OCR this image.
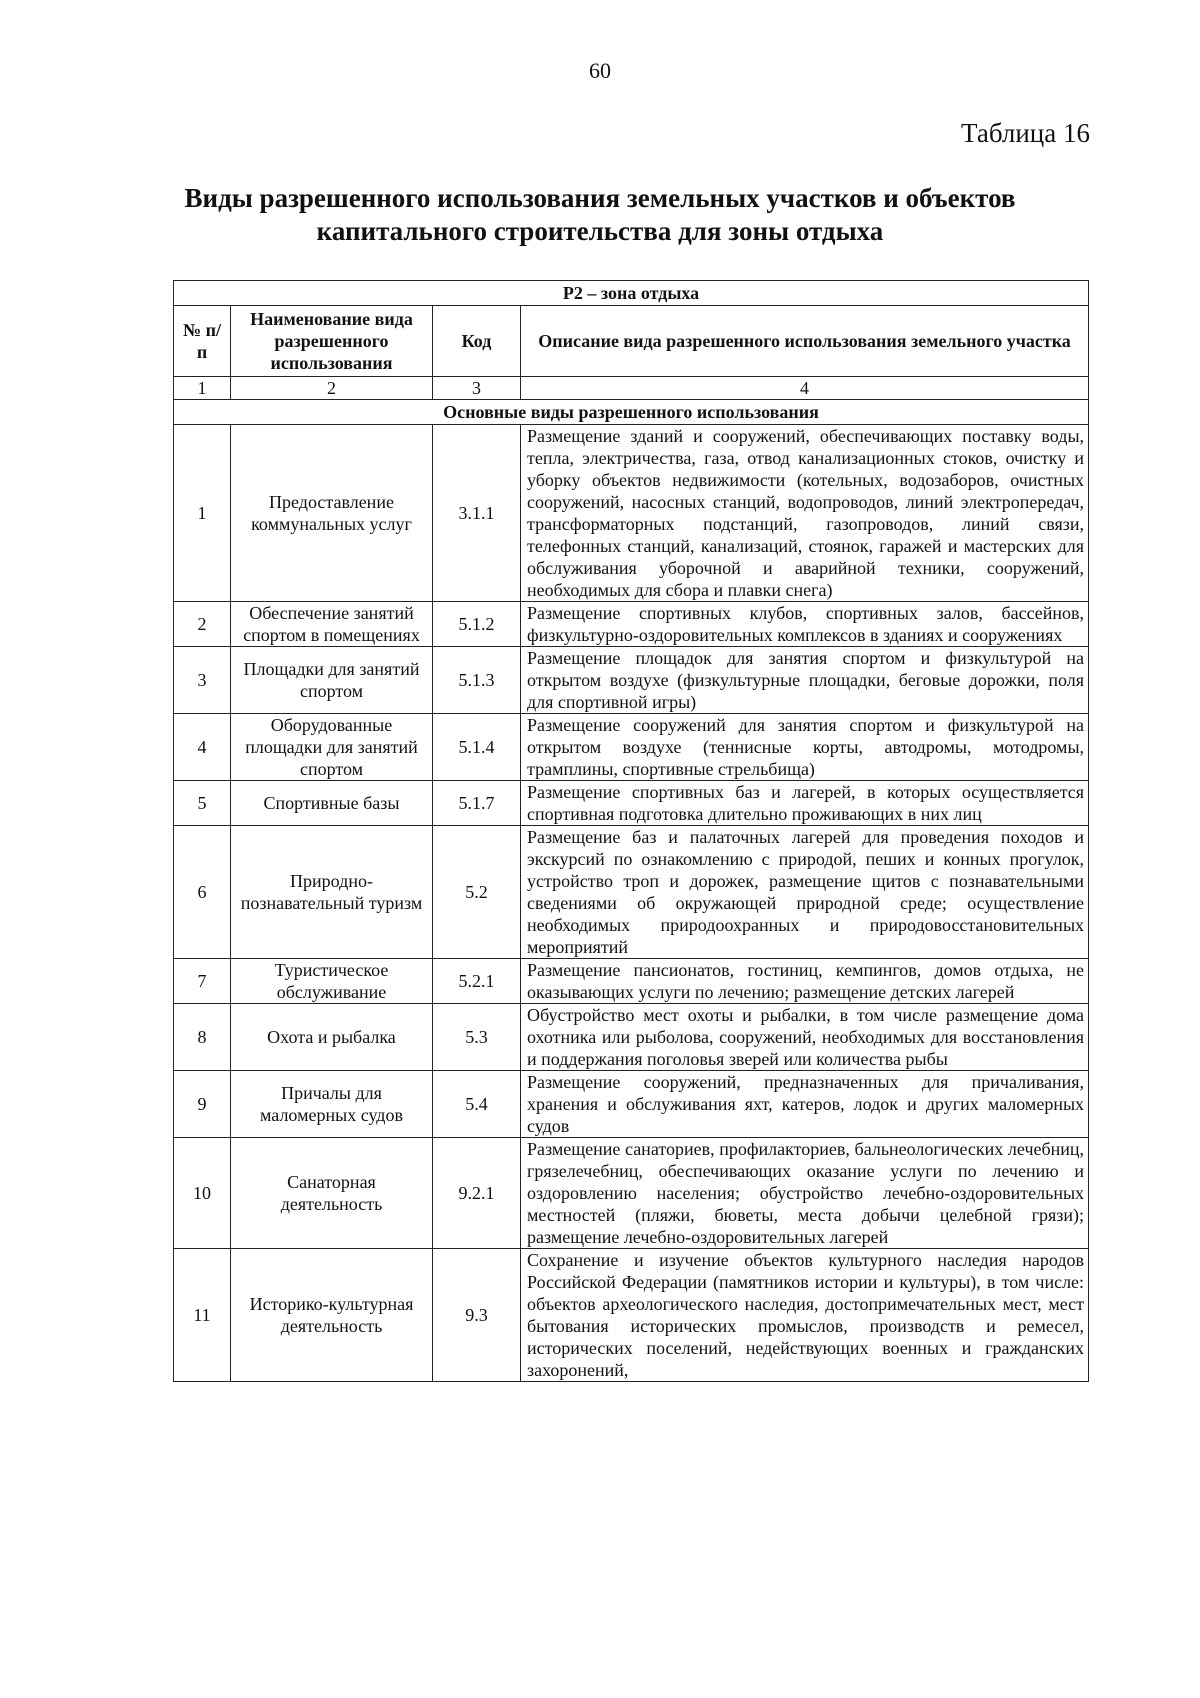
60
Таблица 16
Виды разрешенного использования земельных участков и объектов
капитального строительства для зоны отдыха
Р2 – зона отдыха			
№ п/п	Наименование вида разрешенного использования	Код	Описание вида разрешенного использования земельного участка
1	2	3	4
Основные виды разрешенного использования			
1	Предоставление коммунальных услуг	3.1.1	Размещение зданий и сооружений, обеспечивающих поставку воды, тепла, электричества, газа, отвод канализационных стоков, очистку и уборку объектов недвижимости (котельных, водозаборов, очистных сооружений, насосных станций, водопроводов, линий электропередач, трансформаторных подстанций, газопроводов, линий связи, телефонных станций, канализаций, стоянок, гаражей и мастерских для обслуживания уборочной и аварийной техники, сооружений, необходимых для сбора и плавки снега)
2	Обеспечение занятий спортом в помещениях	5.1.2	Размещение спортивных клубов, спортивных залов, бассейнов, физкультурно-оздоровительных комплексов в зданиях и сооружениях
3	Площадки для занятий спортом	5.1.3	Размещение площадок для занятия спортом и физкультурой на открытом воздухе (физкультурные площадки, беговые дорожки, поля для спортивной игры)
4	Оборудованные площадки для занятий спортом	5.1.4	Размещение сооружений для занятия спортом и физкультурой на открытом воздухе (теннисные корты, автодромы, мотодромы, трамплины, спортивные стрельбища)
5	Спортивные базы	5.1.7	Размещение спортивных баз и лагерей, в которых осуществляется спортивная подготовка длительно проживающих в них лиц
6	Природно-познавательный туризм	5.2	Размещение баз и палаточных лагерей для проведения походов и экскурсий по ознакомлению с природой, пеших и конных прогулок, устройство троп и дорожек, размещение щитов с познавательными сведениями об окружающей природной среде; осуществление необходимых природоохранных и природовосстановительных мероприятий
7	Туристическое обслуживание	5.2.1	Размещение пансионатов, гостиниц, кемпингов, домов отдыха, не оказывающих услуги по лечению; размещение детских лагерей
8	Охота и рыбалка	5.3	Обустройство мест охоты и рыбалки, в том числе размещение дома охотника или рыболова, сооружений, необходимых для восстановления и поддержания поголовья зверей или количества рыбы
9	Причалы для маломерных судов	5.4	Размещение сооружений, предназначенных для причаливания, хранения и обслуживания яхт, катеров, лодок и других маломерных судов
10	Санаторная деятельность	9.2.1	Размещение санаториев, профилакториев, бальнеологических лечебниц, грязелечебниц, обеспечивающих оказание услуги по лечению и оздоровлению населения; обустройство лечебно-оздоровительных местностей (пляжи, бюветы, места добычи целебной грязи); размещение лечебно-оздоровительных лагерей
11	Историко-культурная деятельность	9.3	Сохранение и изучение объектов культурного наследия народов Российской Федерации (памятников истории и культуры), в том числе: объектов археологического наследия, достопримечательных мест, мест бытования исторических промыслов, производств и ремесел, исторических поселений, недействующих военных и гражданских захоронений,
